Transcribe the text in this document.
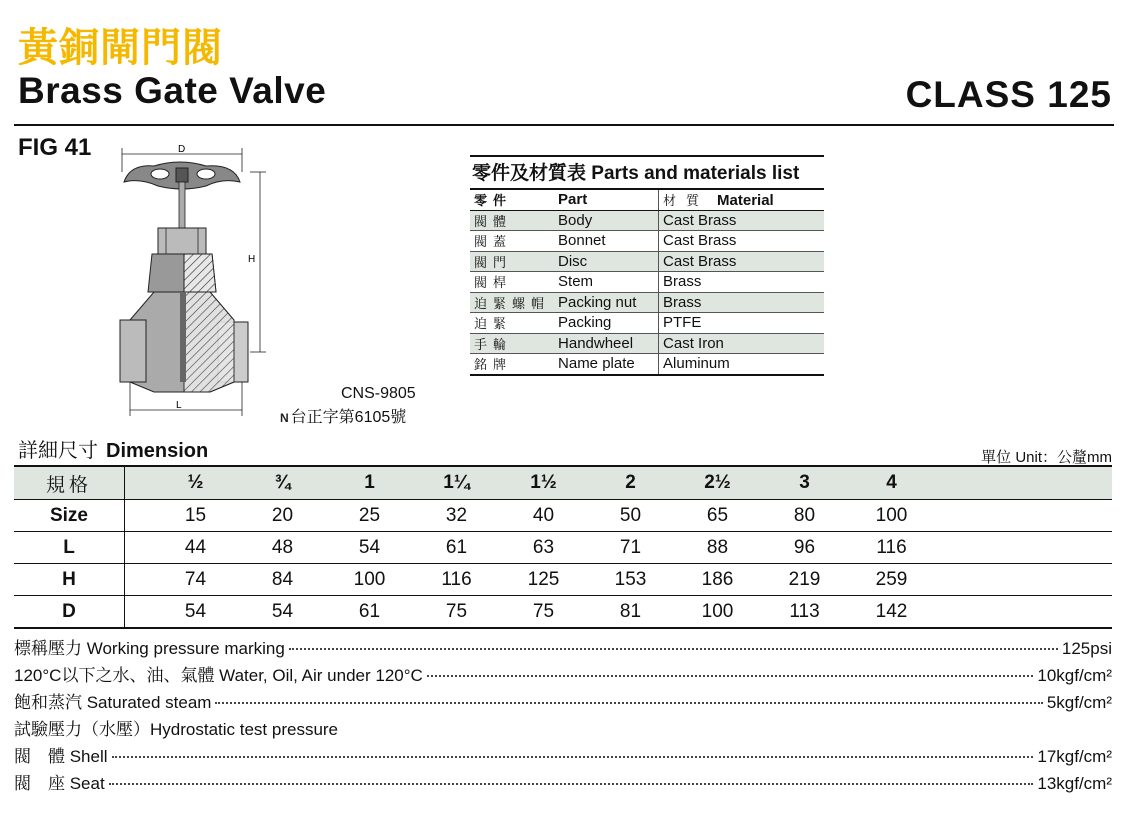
黃銅閘門閥
Brass Gate Valve	CLASS 125
FIG 41	D
H
L
CNS-9805
N 台正字第6105號
零件及材質表 Parts and materials list
零件	Part	材質 Material
閥體	Body	Cast Brass
閥蓋	Bonnet	Cast Brass
閥門	Disc	Cast Brass
閥桿	Stem	Brass
迫緊螺帽	Packing nut	Brass
迫緊	Packing	PTFE
手輪	Handwheel	Cast Iron
銘牌	Name plate	Aluminum
詳細尺寸 Dimension	單位 Unit：公釐mm
規格		½	¾	1	1¼	1½	2	2½	3	4	
Size		15	20	25	32	40	50	65	80	100	
L		44	48	54	61	63	71	88	96	116	
H		74	84	100	116	125	153	186	219	259	
D		54	54	61	75	75	81	100	113	142	
標稱壓力 Working pressure marking	125psi
120°C以下之水、油、氣體 Water, Oil, Air under 120°C	10kgf/cm²
飽和蒸汽 Saturated steam	5kgf/cm²
試驗壓力（水壓）Hydrostatic test pressure
閥　體 Shell	17kgf/cm²
閥　座 Seat	13kgf/cm²
